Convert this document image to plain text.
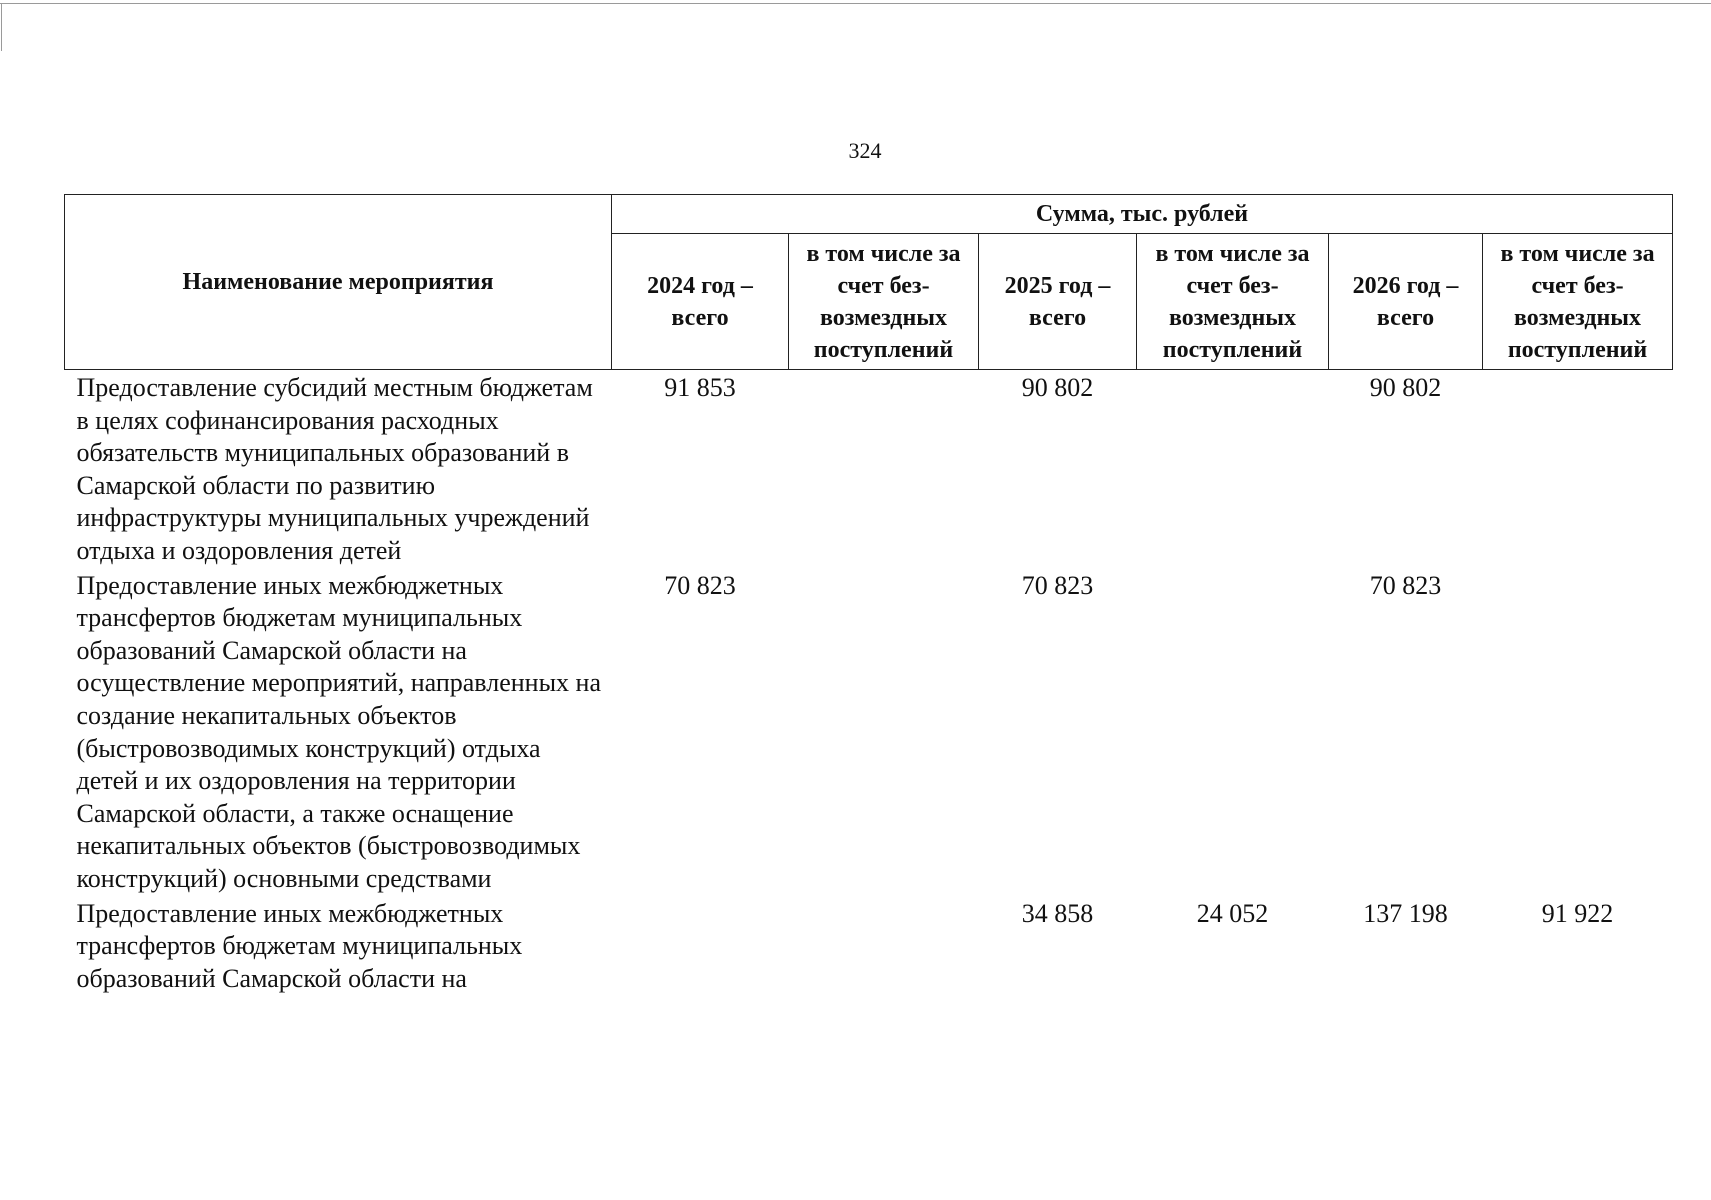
324
Наименование мероприятия	Сумма, тыс. рублей					
	2024 год – всего	в том числе за счет без-возмездных поступлений	2025 год – всего	в том числе за счет без-возмездных поступлений	2026 год – всего	в том числе за счет без-возмездных поступлений
Предоставление субсидий местным бюджетам в целях софинансирования расходных обязательств муниципальных образований в Самарской области по развитию инфраструктуры муниципальных учреждений отдыха и оздоровления детей	91 853		90 802		90 802	
Предоставление иных межбюджетных трансфертов бюджетам муниципальных образований Самарской области на осуществление мероприятий, направленных на создание некапитальных объектов (быстровозводимых конструкций) отдыха детей и их оздоровления на территории Самарской области, а также оснащение некапитальных объектов (быстровозводимых конструкций) основными средствами	70 823		70 823		70 823	
Предоставление иных межбюджетных трансфертов бюджетам муниципальных образований Самарской области на			34 858	24 052	137 198	91 922
